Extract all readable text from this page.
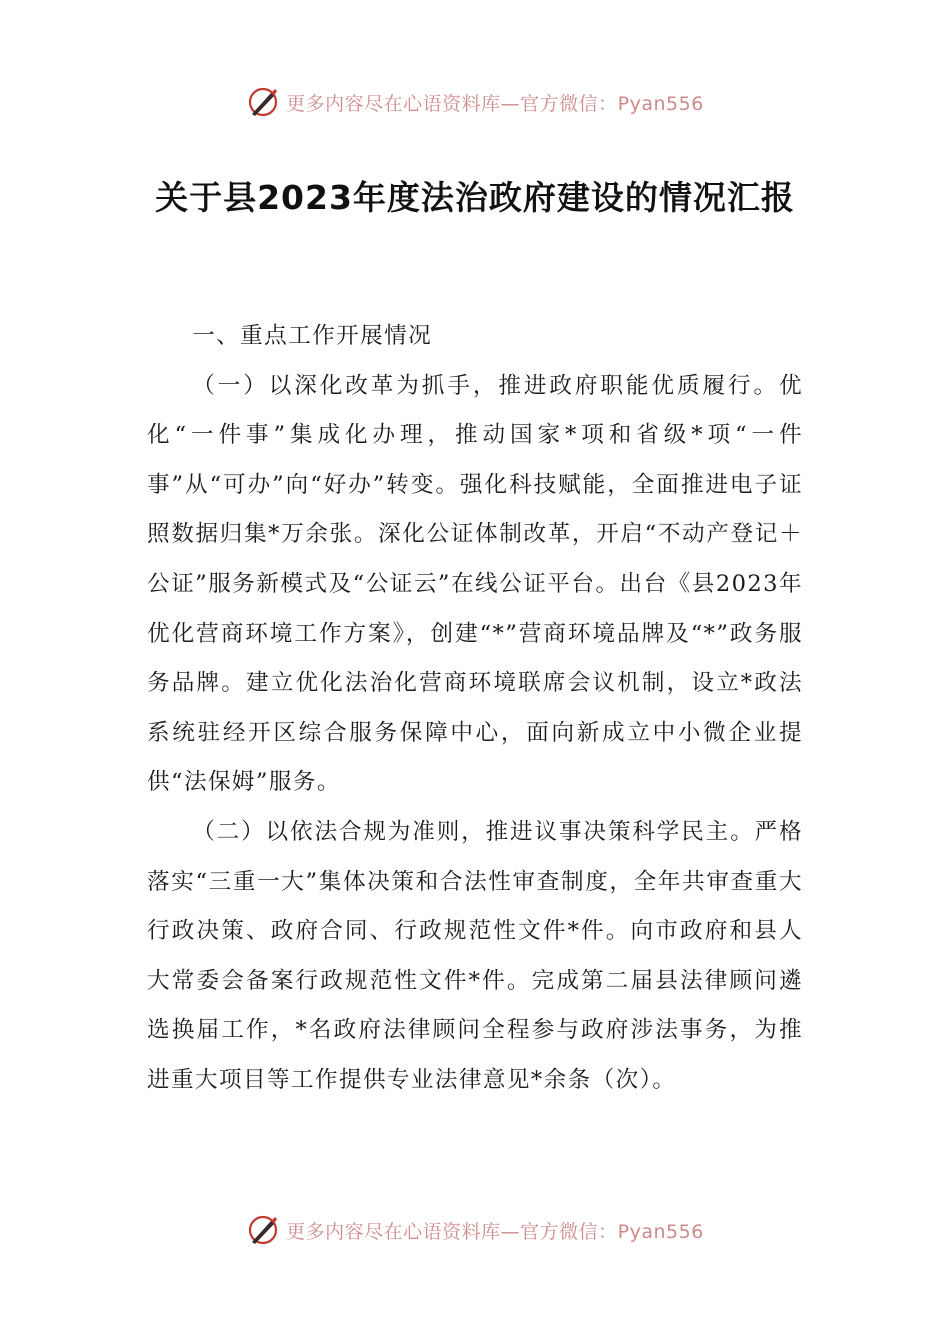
更多内容尽在心语资料库—官方微信：Pyan556
关于县2023年度法治政府建设的情况汇报

一、重点工作开展情况

（一）以深化改革为抓手，推进政府职能优质履行。优化“一件事”集成化办理，推动国家*项和省级*项“一件事”从“可办”向“好办”转变。强化科技赋能，全面推进电子证照数据归集*万余张。深化公证体制改革，开启“不动产登记＋公证”服务新模式及“公证云”在线公证平台。出台《县2023年优化营商环境工作方案》，创建“*”营商环境品牌及“*”政务服务品牌。建立优化法治化营商环境联席会议机制，设立*政法系统驻经开区综合服务保障中心，面向新成立中小微企业提供“法保姆”服务。

（二）以依法合规为准则，推进议事决策科学民主。严格落实“三重一大”集体决策和合法性审查制度，全年共审查重大行政决策、政府合同、行政规范性文件*件。向市政府和县人大常委会备案行政规范性文件*件。完成第二届县法律顾问遴选换届工作，*名政府法律顾问全程参与政府涉法事务，为推进重大项目等工作提供专业法律意见*余条（次）。

更多内容尽在心语资料库—官方微信：Pyan556
